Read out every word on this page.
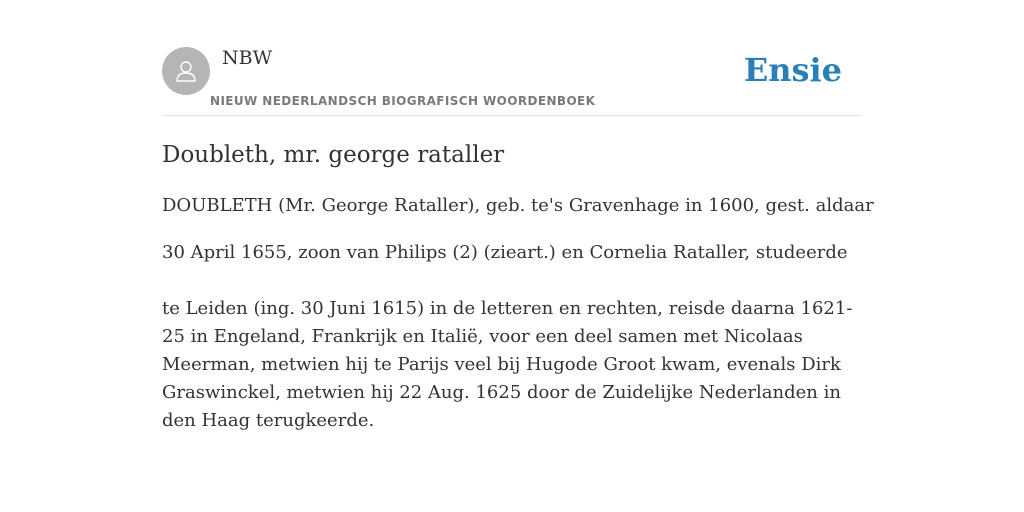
NBW
NIEUW NEDERLANDSCH BIOGRAFISCH WOORDENBOEK
Ensie
Doubleth, mr. george rataller
DOUBLETH (Mr. George Rataller), geb. te's Gravenhage in 1600, gest. aldaar
30 April 1655, zoon van Philips (2) (zieart.) en Cornelia Rataller, studeerde

te Leiden (ing. 30 Juni 1615) in de letteren en rechten, reisde daarna 1621-25 in Engeland, Frankrijk en Italië, voor een deel samen met Nicolaas Meerman, metwien hij te Parijs veel bij Hugode Groot kwam, evenals Dirk Graswinckel, metwien hij 22 Aug. 1625 door de Zuidelijke Nederlanden in den Haag terugkeerde.
